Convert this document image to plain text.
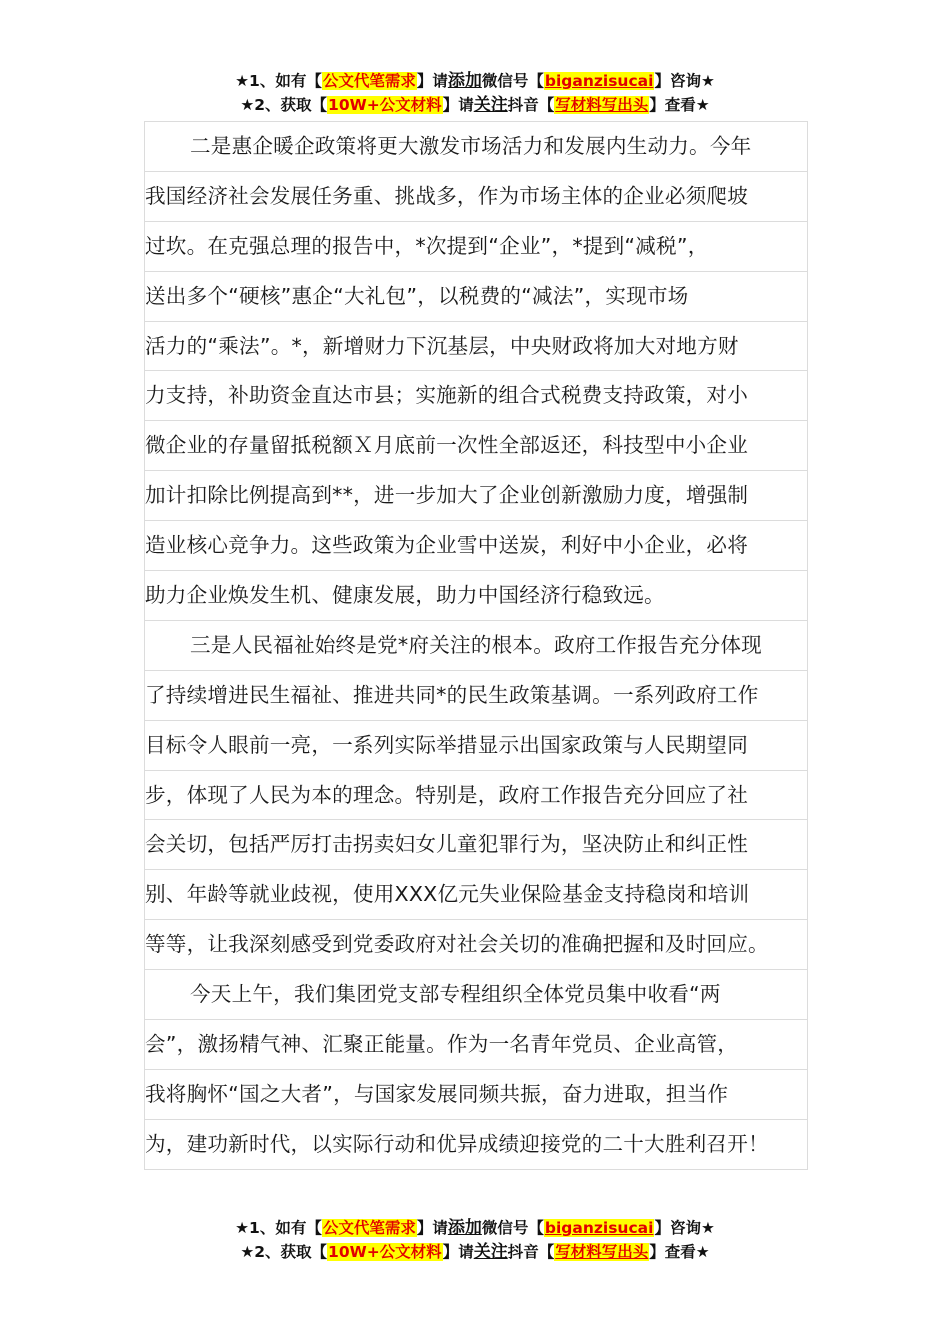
★1、如有【公文代笔需求】请添加微信号【biganzisucai】咨询★
★2、获取【10W+公文材料】请关注抖音【写材料写出头】查看★
二是惠企暖企政策将更大激发市场活力和发展内生动力。今年
我国经济社会发展任务重、挑战多，作为市场主体的企业必须爬坡
过坎。在克强总理的报告中，*次提到“企业”，*提到“减税”，
送出多个“硬核”惠企“大礼包”，以税费的“减法”，实现市场
活力的“乘法”。*，新增财力下沉基层，中央财政将加大对地方财
力支持，补助资金直达市县；实施新的组合式税费支持政策，对小
微企业的存量留抵税额Ｘ月底前一次性全部返还，科技型中小企业
加计扣除比例提高到**，进一步加大了企业创新激励力度，增强制
造业核心竞争力。这些政策为企业雪中送炭，利好中小企业，必将
助力企业焕发生机、健康发展，助力中国经济行稳致远。
三是人民福祉始终是党*府关注的根本。政府工作报告充分体现
了持续增进民生福祉、推进共同*的民生政策基调。一系列政府工作
目标令人眼前一亮，一系列实际举措显示出国家政策与人民期望同
步，体现了人民为本的理念。特别是，政府工作报告充分回应了社
会关切，包括严厉打击拐卖妇女儿童犯罪行为，坚决防止和纠正性
别、年龄等就业歧视，使用XXX亿元失业保险基金支持稳岗和培训
等等，让我深刻感受到党委政府对社会关切的准确把握和及时回应。
今天上午，我们集团党支部专程组织全体党员集中收看“两
会”，激扬精气神、汇聚正能量。作为一名青年党员、企业高管，
我将胸怀“国之大者”，与国家发展同频共振，奋力进取，担当作
为，建功新时代，以实际行动和优异成绩迎接党的二十大胜利召开！
★1、如有【公文代笔需求】请添加微信号【biganzisucai】咨询★
★2、获取【10W+公文材料】请关注抖音【写材料写出头】查看★
